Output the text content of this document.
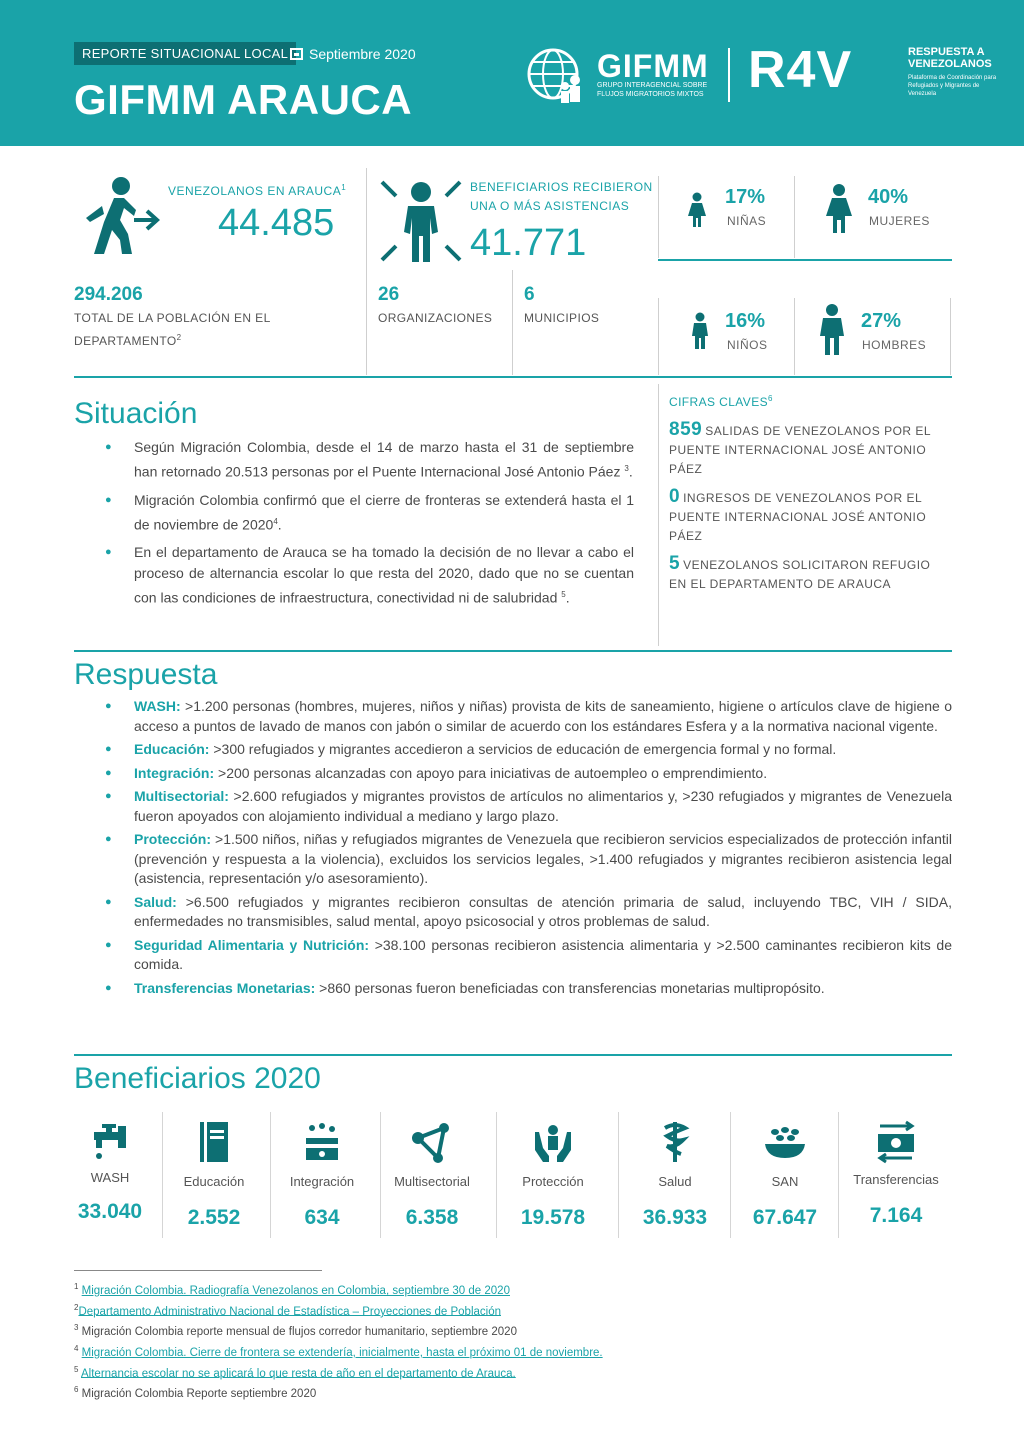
REPORTE SITUACIONAL LOCAL	Septiembre 2020
GIFMM ARAUCA
GIFMM
GRUPO INTERAGENCIAL SOBRE FLUJOS MIGRATORIOS MIXTOS R4V	RESPUESTA A VENEZOLANOS
Plataforma de Coordinación para Refugiados y Migrantes de Venezuela
VENEZOLANOS EN ARAUCA$^1$
44.485
BENEFICIARIOS RECIBIERON UNA O MÁS ASISTENCIAS
41.771
294.206
TOTAL DE LA POBLACIÓN EN EL DEPARTAMENTO$^2$
26
ORGANIZACIONES
6
MUNICIPIOS
17%
NIÑAS
40%
MUJERES
16%
NIÑOS
27%
HOMBRES
Situación
● Según Migración Colombia, desde el 14 de marzo hasta el 31 de septiembre han retornado 20.513 personas por el Puente Internacional José Antonio Páez $^3$.
● Migración Colombia confirmó que el cierre de fronteras se extenderá hasta el 1 de noviembre de 2020$^4$.
● En el departamento de Arauca se ha tomado la decisión de no llevar a cabo el proceso de alternancia escolar lo que resta del 2020, dado que no se cuentan con las condiciones de infraestructura, conectividad ni de salubridad $^5$.
CIFRAS CLAVES$^6$
859 SALIDAS DE VENEZOLANOS POR EL PUENTE INTERNACIONAL JOSÉ ANTONIO PÁEZ
0 INGRESOS DE VENEZOLANOS POR EL PUENTE INTERNACIONAL JOSÉ ANTONIO PÁEZ
5 VENEZOLANOS SOLICITARON REFUGIO EN EL DEPARTAMENTO DE ARAUCA
Respuesta
● WASH: >1.200 personas (hombres, mujeres, niños y niñas) provista de kits de saneamiento, higiene o artículos clave de higiene o acceso a puntos de lavado de manos con jabón o similar de acuerdo con los estándares Esfera y a la normativa nacional vigente.
● Educación: >300 refugiados y migrantes accedieron a servicios de educación de emergencia formal y no formal.
● Integración: >200 personas alcanzadas con apoyo para iniciativas de autoempleo o emprendimiento.
● Multisectorial: >2.600 refugiados y migrantes provistos de artículos no alimentarios y, >230 refugiados y migrantes de Venezuela fueron apoyados con alojamiento individual a mediano y largo plazo.
● Protección: >1.500 niños, niñas y refugiados migrantes de Venezuela que recibieron servicios especializados de protección infantil (prevención y respuesta a la violencia), excluidos los servicios legales, >1.400 refugiados y migrantes recibieron asistencia legal (asistencia, representación y/o asesoramiento).
● Salud: >6.500 refugiados y migrantes recibieron consultas de atención primaria de salud, incluyendo TBC, VIH / SIDA, enfermedades no transmisibles, salud mental, apoyo psicosocial y otros problemas de salud.
● Seguridad Alimentaria y Nutrición: >38.100 personas recibieron asistencia alimentaria y >2.500 caminantes recibieron kits de comida.
● Transferencias Monetarias: >860 personas fueron beneficiadas con transferencias monetarias multipropósito.
Beneficiarios 2020
WASH
33.040
Educación
2.552
Integración
634
Multisectorial
6.358
Protección
19.578
Salud
36.933
SAN
67.647
Transferencias
7.164
$^1$ Migración Colombia. Radiografía Venezolanos en Colombia, septiembre 30 de 2020
$^2$Departamento Administrativo Nacional de Estadística – Proyecciones de Población
$^3$ Migración Colombia reporte mensual de flujos corredor humanitario, septiembre 2020
$^4$ Migración Colombia. Cierre de frontera se extendería, inicialmente, hasta el próximo 01 de noviembre.
$^5$ Alternancia escolar no se aplicará lo que resta de año en el departamento de Arauca.
$^6$ Migración Colombia Reporte septiembre 2020
